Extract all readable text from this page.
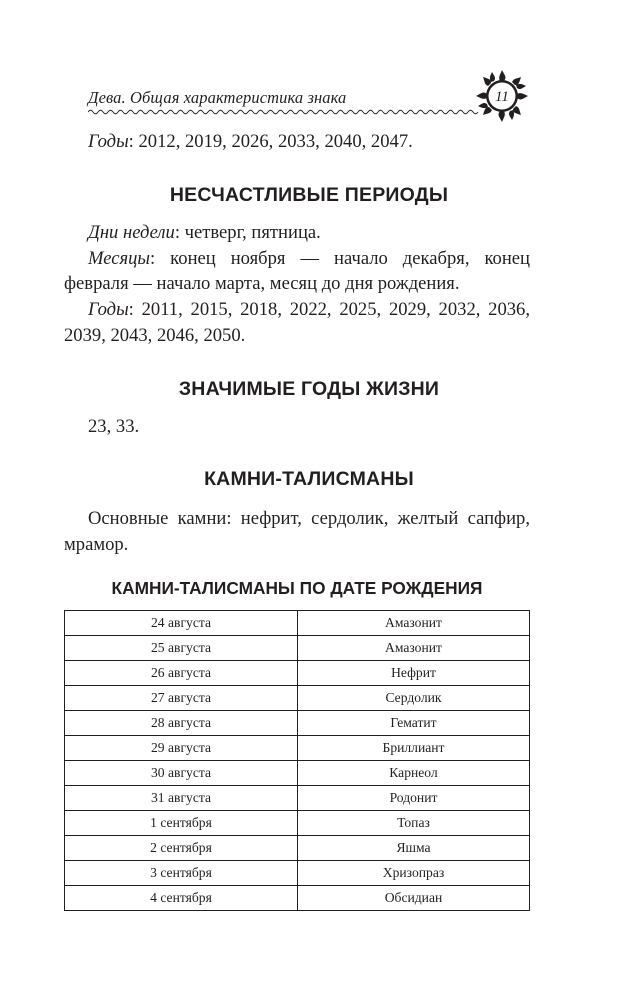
Дева. Общая характеристика знака	11
Годы: 2012, 2019, 2026, 2033, 2040, 2047.
НЕСЧАСТЛИВЫЕ ПЕРИОДЫ
Дни недели: четверг, пятница.
Месяцы: конец ноября — начало декабря, конец
февраля — начало марта, месяц до дня рождения.
Годы: 2011, 2015, 2018, 2022, 2025, 2029, 2032, 2036,
2039, 2043, 2046, 2050.
ЗНАЧИМЫЕ ГОДЫ ЖИЗНИ
23, 33.
КАМНИ-ТАЛИСМАНЫ
Основные камни: нефрит, сердолик, желтый сапфир,
мрамор.
КАМНИ-ТАЛИСМАНЫ ПО ДАТЕ РОЖДЕНИЯ
24 августа	Амазонит
25 августа	Амазонит
26 августа	Нефрит
27 августа	Сердолик
28 августа	Гематит
29 августа	Бриллиант
30 августа	Карнеол
31 августа	Родонит
1 сентября	Топаз
2 сентября	Яшма
3 сентября	Хризопраз
4 сентября	Обсидиан
